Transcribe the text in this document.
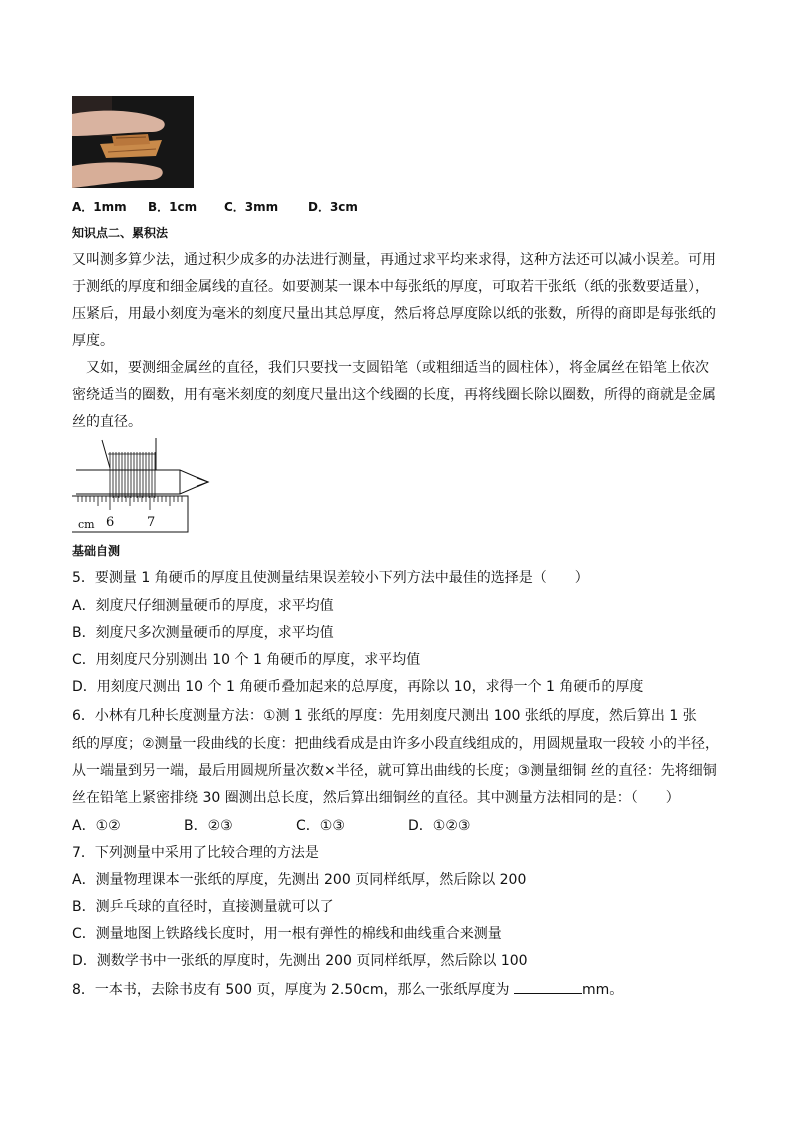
A．1mm B．1cm C．3mm D．3cm
知识点二、累积法
又叫测多算少法，通过积少成多的办法进行测量，再通过求平均来求得，这种方法还可以减小误差。可用
于测纸的厚度和细金属线的直径。如要测某一课本中每张纸的厚度，可取若干张纸（纸的张数要适量），
压紧后，用最小刻度为毫米的刻度尺量出其总厚度，然后将总厚度除以纸的张数，所得的商即是每张纸的
厚度。
又如，要测细金属丝的直径，我们只要找一支圆铅笔（或粗细适当的圆柱体），将金属丝在铅笔上依次
密绕适当的圈数，用有毫米刻度的刻度尺量出这个线圈的长度，再将线圈长除以圈数，所得的商就是金属
丝的直径。
cm 6	7
基础自测
5．要测量 1 角硬币的厚度且使测量结果误差较小下列方法中最佳的选择是（　　）
A．刻度尺仔细测量硬币的厚度，求平均值
B．刻度尺多次测量硬币的厚度，求平均值
C．用刻度尺分别测出 10 个 1 角硬币的厚度，求平均值
D．用刻度尺测出 10 个 1 角硬币叠加起来的总厚度，再除以 10，求得一个 1 角硬币的厚度
6．小林有几种长度测量方法：①测 1 张纸的厚度：先用刻度尺测出 100 张纸的厚度，然后算出 1 张
纸的厚度；②测量一段曲线的长度：把曲线看成是由许多小段直线组成的，用圆规量取一段较 小的半径，
从一端量到另一端，最后用圆规所量次数×半径，就可算出曲线的长度；③测量细铜 丝的直径：先将细铜
丝在铅笔上紧密排绕 30 圈测出总长度，然后算出细铜丝的直径。其中测量方法相同的是：（　　）
A．①②	B．②③	C．①③	D．①②③
7．下列测量中采用了比较合理的方法是
A．测量物理课本一张纸的厚度，先测出 200 页同样纸厚，然后除以 200
B．测乒乓球的直径时，直接测量就可以了
C．测量地图上铁路线长度时，用一根有弹性的棉线和曲线重合来测量
D．测数学书中一张纸的厚度时，先测出 200 页同样纸厚，然后除以 100
8．一本书，去除书皮有 500 页，厚度为 2.50cm，那么一张纸厚度为	mm。
